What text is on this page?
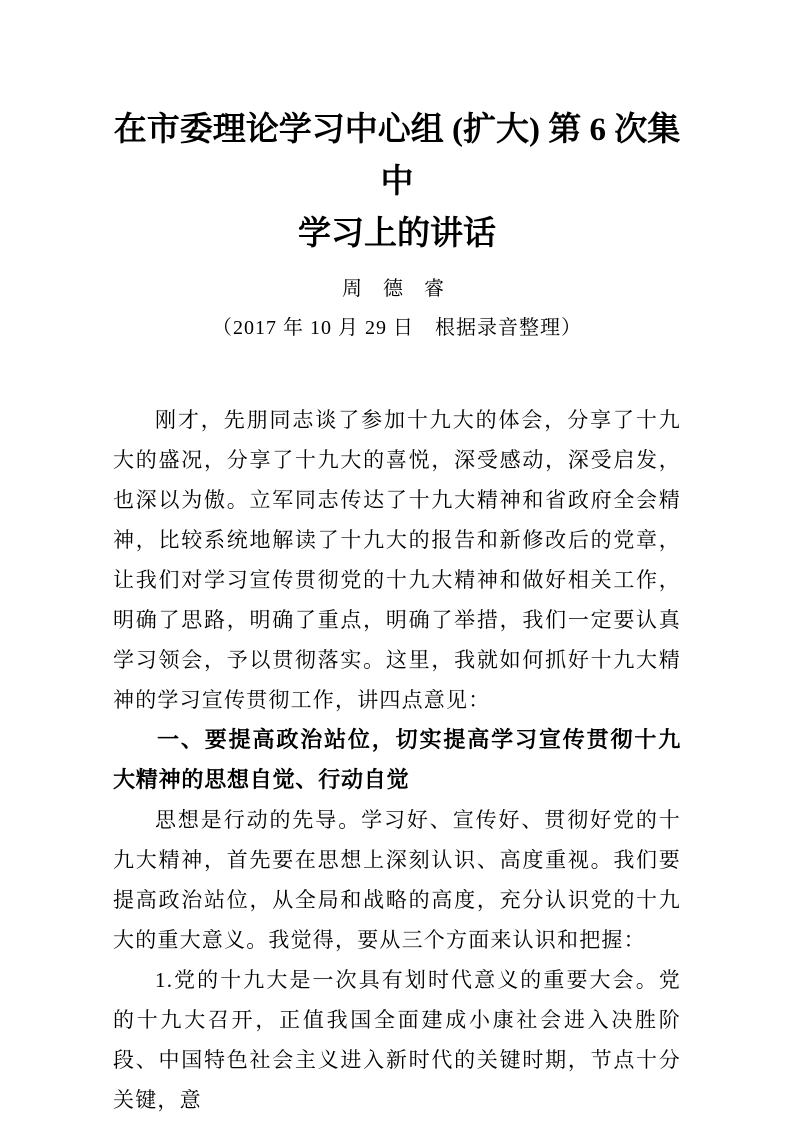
在市委理论学习中心组 (扩大) 第 6 次集中
学习上的讲话
周 德 睿
（2017 年 10 月 29 日　根据录音整理）

刚才，先朋同志谈了参加十九大的体会，分享了十九大的盛况，分享了十九大的喜悦，深受感动，深受启发，也深以为傲。立军同志传达了十九大精神和省政府全会精神，比较系统地解读了十九大的报告和新修改后的党章，让我们对学习宣传贯彻党的十九大精神和做好相关工作，明确了思路，明确了重点，明确了举措，我们一定要认真学习领会，予以贯彻落实。这里，我就如何抓好十九大精神的学习宣传贯彻工作，讲四点意见：

一、要提高政治站位，切实提高学习宣传贯彻十九大精神的思想自觉、行动自觉

思想是行动的先导。学习好、宣传好、贯彻好党的十九大精神，首先要在思想上深刻认识、高度重视。我们要提高政治站位，从全局和战略的高度，充分认识党的十九大的重大意义。我觉得，要从三个方面来认识和把握：

1.党的十九大是一次具有划时代意义的重要大会。党的十九大召开，正值我国全面建成小康社会进入决胜阶段、中国特色社会主义进入新时代的关键时期，节点十分关键，意
